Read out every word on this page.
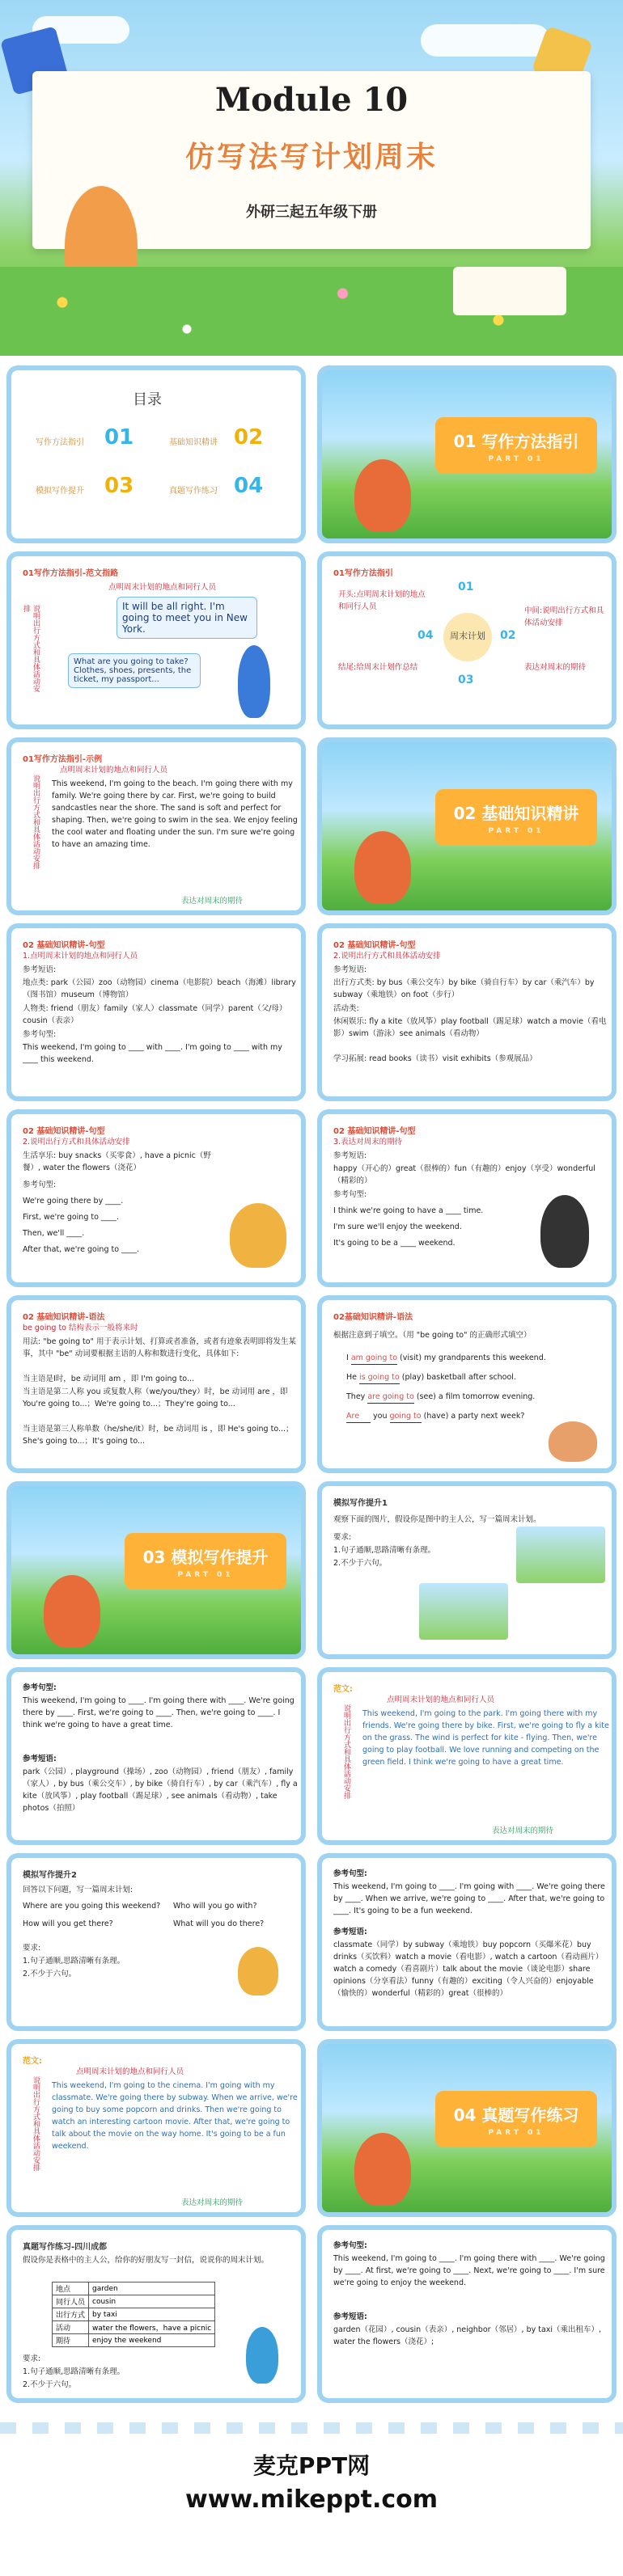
Module 10
仿写法写计划周末
外研三起五年级下册
目录
写作方法指引 01	基础知识精讲 02
模拟写作提升 03	真题写作练习 04
01 写作方法指引
PART 01
01写作方法指引-范文指路
点明周末计划的地点和同行人员
It will be all right. I'm going to meet you in New York.
What are you going to take? Clothes, shoes, presents, the ticket, my passport...
说明出行方式和具体活动安排
01写作方法指引
开头:点明周末计划的地点和同行人员
周末计划
01
02
03
04
中间:说明出行方式和具体活动安排
结尾:给周末计划作总结	表达对周末的期待
01写作方法指引-示例
点明周末计划的地点和同行人员
说明出行方式和具体活动安排 This weekend, I'm going to the beach. I'm going there with my family. We're going there by car. First, we're going to build sandcastles near the shore. The sand is soft and perfect for shaping. Then, we're going to swim in the sea. We enjoy feeling the cool water and floating under the sun. I'm sure we're going to have an amazing time.
表达对周末的期待
02 基础知识精讲
PART 01
02 基础知识精讲-句型
1.点明周末计划的地点和同行人员
参考短语:
地点类: park（公园）zoo（动物园）cinema（电影院）beach（海滩）library（图书馆）museum（博物馆）
人物类: friend（朋友）family（家人）classmate（同学）parent（父/母）cousin（表亲）
参考句型:
This weekend, I'm going to ____ with ____. I'm going to ____ with my ____ this weekend.
02 基础知识精讲-句型
2.说明出行方式和具体活动安排
参考短语:
出行方式类: by bus（乘公交车）by bike（骑自行车）by car（乘汽车）by subway（乘地铁）on foot（步行）
活动类:
休闲娱乐: fly a kite（放风筝）play football（踢足球）watch a movie（看电影）swim（游泳）see animals（看动物）
学习拓展: read books（读书）visit exhibits（参观展品）
02 基础知识精讲-句型
2.说明出行方式和具体活动安排
生活享乐: buy snacks（买零食）, have a picnic（野餐）, water the flowers（浇花）
参考句型:
We're going there by ____.
First, we're going to ____.
Then, we'll ____.
After that, we're going to ____.
02 基础知识精讲-句型
3.表达对周末的期待
参考短语:
happy（开心的）great（很棒的）fun（有趣的）enjoy（享受）wonderful（精彩的）
参考句型:
I think we're going to have a ____ time.
I'm sure we'll enjoy the weekend.
It's going to be a ____ weekend.
02 基础知识精讲-语法
be going to 结构表示一般将来时
用法: "be going to" 用于表示计划、打算或者准备，或者有迹象表明即将发生某事，其中 "be" 动词要根据主语的人称和数进行变化，具体如下:
当主语是I时，be 动词用 am ，即 I'm going to...
当主语是第二人称 you 或复数人称（we/you/they）时，be 动词用 are ，即 You're going to...；We're going to...；They're going to...
当主语是第三人称单数（he/she/it）时，be 动词用 is ，即 He's going to...；She's going to...；It's going to...
02基础知识精讲-语法
根据注意到子填空。（用 "be going to" 的正确形式填空）
I am going to (visit) my grandparents this weekend.
He is going to (play) basketball after school.
They are going to (see) a film tomorrow evening.
Are you going to (have) a party next week?
03 模拟写作提升
PART 01
模拟写作提升1
观察下面的图片，假设你是图中的主人公，写一篇周末计划。
要求:
1.句子通顺,思路清晰有条理。
2.不少于六句。
参考句型:
This weekend, I'm going to ____. I'm going there with ____. We're going there by ____. First, we're going to ____. Then, we're going to ____. I think we're going to have a great time.
参考短语:
park（公园）, playground（操场）, zoo（动物园）, friend（朋友）, family（家人）, by bus（乘公交车）, by bike（骑自行车）, by car（乘汽车）, fly a kite（放风筝）, play football（踢足球）, see animals（看动物）, take photos（拍照）
范文:
点明周末计划的地点和同行人员
说明出行方式和具体活动安排 This weekend, I'm going to the park. I'm going there with my friends. We're going there by bike. First, we're going to fly a kite on the grass. The wind is perfect for kite - flying. Then, we're going to play football. We love running and competing on the green field. I think we're going to have a great time.
表达对周末的期待
模拟写作提升2
回答以下问题，写一篇周末计划:
Where are you going this weekend? Who will you go with?
How will you get there?	What will you do there?
要求:
1.句子通顺,思路清晰有条理。
2.不少于六句。
参考句型:
This weekend, I'm going to ____. I'm going with ____. We're going there by ____. When we arrive, we're going to ____. After that, we're going to ____. It's going to be a fun weekend.
参考短语:
classmate（同学）by subway（乘地铁）buy popcorn（买爆米花）buy drinks（买饮料）watch a movie（看电影）, watch a cartoon（看动画片）watch a comedy（看喜剧片）talk about the movie（谈论电影）share opinions（分享看法）funny（有趣的）exciting（令人兴奋的）enjoyable（愉快的）wonderful（精彩的）great（很棒的）
范文:
点明周末计划的地点和同行人员
说明出行方式和具体活动安排 This weekend, I'm going to the cinema. I'm going with my classmate. We're going there by subway. When we arrive, we're going to buy some popcorn and drinks. Then we're going to watch an interesting cartoon movie. After that, we're going to talk about the movie on the way home. It's going to be a fun weekend.
表达对周末的期待
04 真题写作练习
PART 01
真题写作练习-四川成都
假设你是表格中的主人公，给你的好朋友写一封信，说说你的周末计划。
地点	garden
同行人员	cousin
出行方式	by taxi
活动	water the flowers，have a picnic
期待	enjoy the weekend
要求:
1.句子通顺,思路清晰有条理。
2.不少于六句。
参考句型:
This weekend, I'm going to ____. I'm going there with ____. We're going by ____. At first, we're going to ____. Next, we're going to ____. I'm sure we're going to enjoy the weekend.
参考短语:
garden（花园）, cousin（表亲）, neighbor（邻居）, by taxi（乘出租车）, water the flowers（浇花）;
麦克PPT网
www.mikeppt.com
